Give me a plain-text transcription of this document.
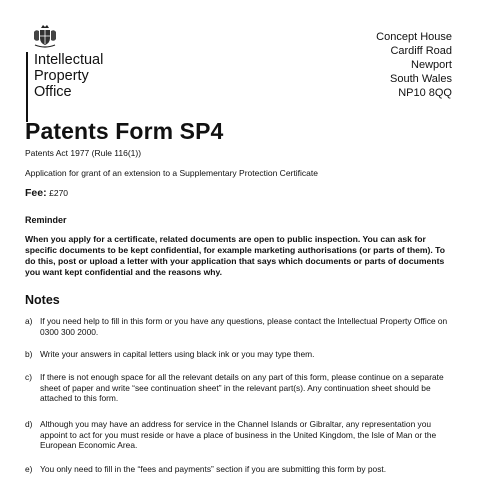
Intellectual
Property
Office
Concept House
Cardiff Road
Newport
South Wales
NP10 8QQ
Patents Form SP4
Patents Act 1977 (Rule 116(1))
Application for grant of an extension to a Supplementary Protection Certificate
Fee: £270
Reminder
When you apply for a certificate, related documents are open to public inspection. You can ask for specific documents to be kept confidential, for example marketing authorisations (or parts of them). To do this, post or upload a letter with your application that says which documents or parts of documents you want kept confidential and the reasons why.
Notes
a) If you need help to fill in this form or you have any questions, please contact the Intellectual Property Office on 0300 300 2000.
b) Write your answers in capital letters using black ink or you may type them.
c) If there is not enough space for all the relevant details on any part of this form, please continue on a separate sheet of paper and write “see continuation sheet” in the relevant part(s). Any continuation sheet should be attached to this form.
d) Although you may have an address for service in the Channel Islands or Gibraltar, any representation you appoint to act for you must reside or have a place of business in the United Kingdom, the Isle of Man or the European Economic Area.
e) You only need to fill in the “fees and payments” section if you are submitting this form by post.
